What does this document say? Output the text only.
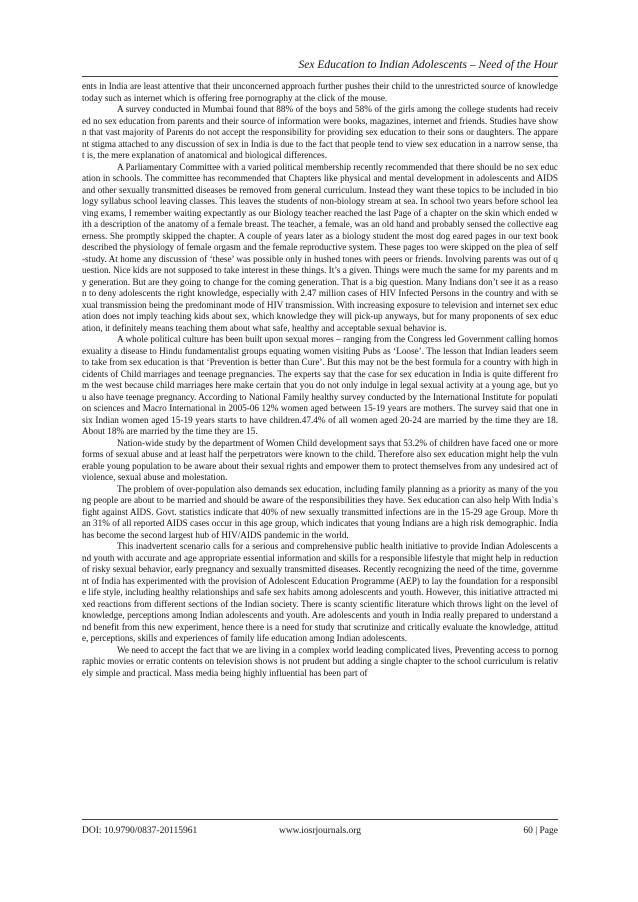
Sex Education to Indian Adolescents – Need of the Hour

ents in India are least attentive that their unconcerned approach further pushes their child to the unrestricted source of knowledge today such as internet which is offering free pornography at the click of the mouse.

A survey conducted in Mumbai found that 88% of the boys and 58% of the girls among the college students had received no sex education from parents and their source of information were books, magazines, internet and friends. Studies have shown that vast majority of Parents do not accept the responsibility for providing sex education to their sons or daughters. The apparent stigma attached to any discussion of sex in India is due to the fact that people tend to view sex education in a narrow sense, that is, the mere explanation of anatomical and biological differences.

A Parliamentary Committee with a varied political membership recently recommended that there should be no sex education in schools. The committee has recommended that Chapters like physical and mental development in adolescents and AIDS and other sexually transmitted diseases be removed from general curriculum. Instead they want these topics to be included in biology syllabus school leaving classes. This leaves the students of non-biology stream at sea. In school two years before school leaving exams, I remember waiting expectantly as our Biology teacher reached the last Page of a chapter on the skin which ended with a description of the anatomy of a female breast. The teacher, a female, was an old hand and probably sensed the collective eagerness. She promptly skipped the chapter. A couple of years later as a biology student the most dog eared pages in our text book described the physiology of female orgasm and the female reproductive system. These pages too were skipped on the plea of self-study. At home any discussion of ‘these’ was possible only in hushed tones with peers or friends. Involving parents was out of question. Nice kids are not supposed to take interest in these things. It’s a given. Things were much the same for my parents and my generation. But are they going to change for the coming generation. That is a big question. Many Indians don’t see it as a reason to deny adolescents the right knowledge, especially with 2.47 million cases of HIV Infected Persons in the country and with sexual transmission being the predominant mode of HIV transmission. With increasing exposure to television and internet sex education does not imply teaching kids about sex, which knowledge they will pick-up anyways, but for many proponents of sex education, it definitely means teaching them about what safe, healthy and acceptable sexual behavior is.

A whole political culture has been built upon sexual mores – ranging from the Congress led Government calling homosexuality a disease to Hindu fundamentalist groups equating women visiting Pubs as ‘Loose’. The lesson that Indian leaders seem to take from sex education is that ‘Prevention is better than Cure’. But this may not be the best formula for a country with high incidents of Child marriages and teenage pregnancies. The experts say that the case for sex education in India is quite different from the west because child marriages here make certain that you do not only indulge in legal sexual activity at a young age, but you also have teenage pregnancy. According to National Family healthy survey conducted by the International Institute for population sciences and Macro International in 2005-06 12% women aged between 15-19 years are mothers. The survey said that one in six Indian women aged 15-19 years starts to have children.47.4% of all women aged 20-24 are married by the time they are 18. About 18% are married by the time they are 15.

Nation-wide study by the department of Women Child development says that 53.2% of children have faced one or more forms of sexual abuse and at least half the perpetrators were known to the child. Therefore also sex education might help the vulnerable young population to be aware about their sexual rights and empower them to protect themselves from any undesired act of violence, sexual abuse and molestation.

The problem of over-population also demands sex education, including family planning as a priority as many of the young people are about to be married and should be aware of the responsibilities they have. Sex education can also help With India`s fight against AIDS. Govt. statistics indicate that 40% of new sexually transmitted infections are in the 15-29 age Group. More than 31% of all reported AIDS cases occur in this age group, which indicates that young Indians are a high risk demographic. India has become the second largest hub of HIV/AIDS pandemic in the world.

This inadvertent scenario calls for a serious and comprehensive public health initiative to provide Indian Adolescents and youth with accurate and age appropriate essential information and skills for a responsible lifestyle that might help in reduction of risky sexual behavior, early pregnancy and sexually transmitted diseases. Recently recognizing the need of the time, government of India has experimented with the provision of Adolescent Education Programme (AEP) to lay the foundation for a responsible life style, including healthy relationships and safe sex habits among adolescents and youth. However, this initiative attracted mixed reactions from different sections of the Indian society. There is scanty scientific literature which throws light on the level of knowledge, perceptions among Indian adolescents and youth. Are adolescents and youth in India really prepared to understand and benefit from this new experiment, hence there is a need for study that scrutinize and critically evaluate the knowledge, attitude, perceptions, skills and experiences of family life education among Indian adolescents.

We need to accept the fact that we are living in a complex world leading complicated lives, Preventing access to pornographic movies or erratic contents on television shows is not prudent but adding a single chapter to the school curriculum is relatively simple and practical. Mass media being highly influential has been part of

DOI: 10.9790/0837-20115961	www.iosrjournals.org	60 | Page
